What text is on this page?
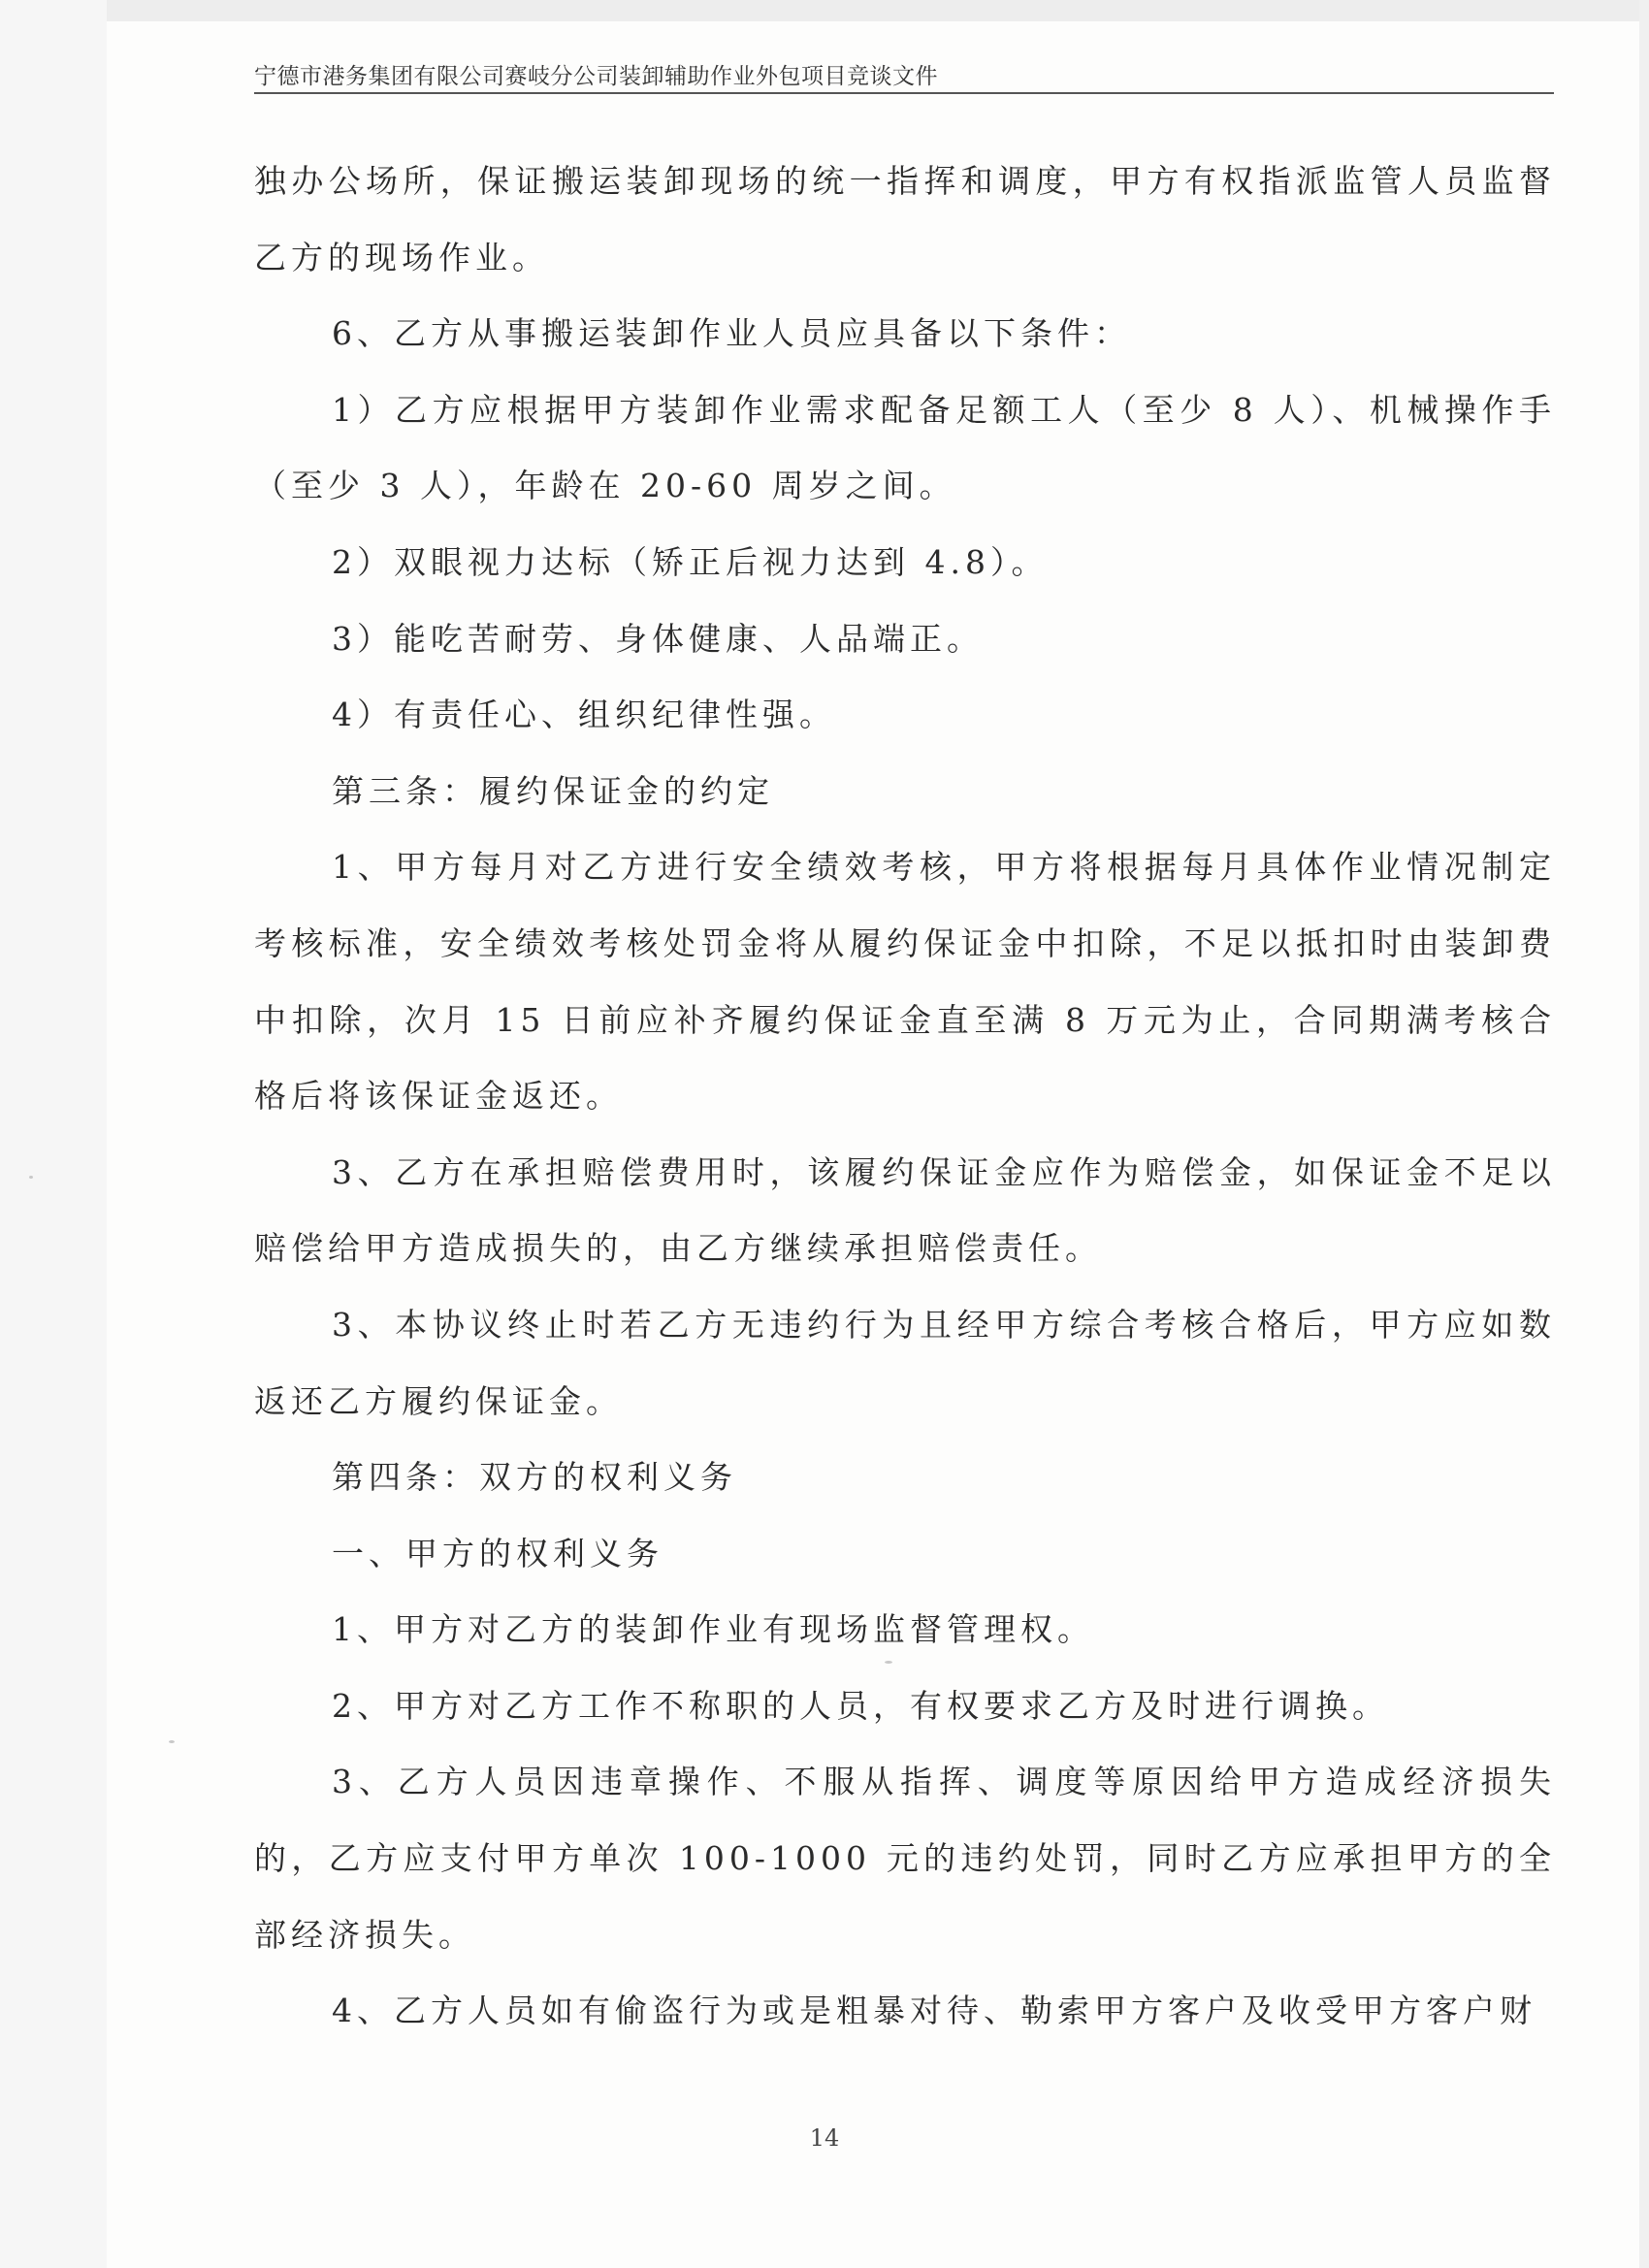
宁德市港务集团有限公司赛岐分公司装卸辅助作业外包项目竞谈文件

独办公场所，保证搬运装卸现场的统一指挥和调度，甲方有权指派监管人员监督乙方的现场作业。

6、乙方从事搬运装卸作业人员应具备以下条件：

1）乙方应根据甲方装卸作业需求配备足额工人（至少 8 人）、机械操作手（至少 3 人），年龄在 20-60 周岁之间。

2）双眼视力达标（矫正后视力达到 4.8）。

3）能吃苦耐劳、身体健康、人品端正。

4）有责任心、组织纪律性强。

第三条：履约保证金的约定

1、甲方每月对乙方进行安全绩效考核，甲方将根据每月具体作业情况制定考核标准，安全绩效考核处罚金将从履约保证金中扣除，不足以抵扣时由装卸费中扣除，次月 15 日前应补齐履约保证金直至满 8 万元为止，合同期满考核合格后将该保证金返还。

3、乙方在承担赔偿费用时，该履约保证金应作为赔偿金，如保证金不足以赔偿给甲方造成损失的，由乙方继续承担赔偿责任。

3、本协议终止时若乙方无违约行为且经甲方综合考核合格后，甲方应如数返还乙方履约保证金。

第四条：双方的权利义务

一、甲方的权利义务

1、甲方对乙方的装卸作业有现场监督管理权。

2、甲方对乙方工作不称职的人员，有权要求乙方及时进行调换。

3、乙方人员因违章操作、不服从指挥、调度等原因给甲方造成经济损失的，乙方应支付甲方单次 100-1000 元的违约处罚，同时乙方应承担甲方的全部经济损失。

4、乙方人员如有偷盗行为或是粗暴对待、勒索甲方客户及收受甲方客户财

14
